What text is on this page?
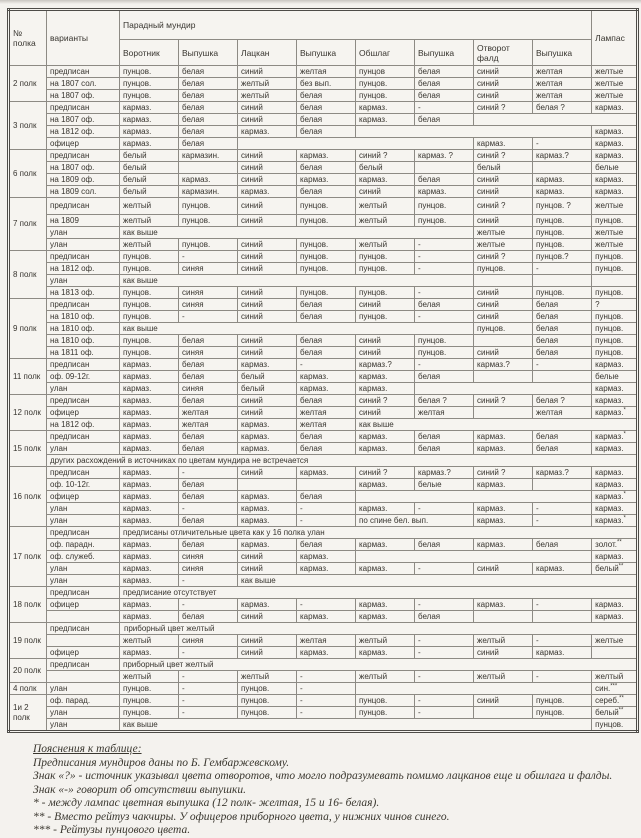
№ полка	варианты	Парадный мундир								Лампас
		Воротник	Выпушка	Лацкан	Выпушка	Обшлаг	Выпушка	Отворот фалд	Выпушка	
2 полк	предписан	пунцов.	белая	синий	желтая	пунцов	белая	синий	желтая	желтые
	на 1807 сол.	пунцов.	белая	желтый	без вып.	пунцов.	белая	синий	желтая	желтые
	на 1807 оф.	пунцов.	белая	желтый	белая	пунцов.	белая	синий	желтая	желтые
3 полк	предписан	кармаз.	белая	синий	белая	кармаз.	-	синий ?	белая ?	кармаз.
	на 1807 оф.	кармаз.	белая	синий	белая	кармаз.	белая			
	на 1812 оф.	кармаз.	белая	кармаз.	белая					кармаз.
	офицер	кармаз.	белая					кармаз.	-	кармаз.
6 полк	предписан	белый	кармазин.	синий	кармаз.	синий ?	кармаз. ?	синий ?	кармаз.?	кармаз.
	на 1807 оф.	белый		синий	белая	белый		белый		белые
	на 1809 оф.	белый	кармаз.	синий	кармаз.	кармаз.	белая	синий	кармаз.	кармаз.
	на 1809 сол.	белый	кармазин.	кармаз.	белая	синий	кармаз.	синий	кармаз.	кармаз.
7 полк	предписан	желтый	пунцов.	синий	пунцов.	желтый	пунцов.	синий ?	пунцов. ?	желтые
	на 1809	желтый	пунцов.	синий	пунцов.	желтый	пунцов.	синий	пунцов.	пунцов.
	улан	как выше						желтые	пунцов.	желтые
	улан	желтый	пунцов.	синий	пунцов.	желтый	-	желтые	пунцов.	желтые
8 полк	предписан	пунцов.	-	синий	пунцов.	пунцов.	-	синий ?	пунцов.?	пунцов.
	на 1812 оф.	пунцов.	синяя	синий	пунцов.	пунцов.	-	пунцов.	-	пунцов.
	улан	как выше								
	на 1813 оф.	пунцов.	синяя	синий	пунцов.	пунцов.	-	синий	пунцов.	пунцов.
9 полк	предписан	пунцов.	синяя	синий	белая	синий	белая	синий	белая	?
	на 1810 оф.	пунцов.	-	синий	белая	пунцов.	-	синий	белая	пунцов.
	на 1810 оф.	как выше						пунцов.	белая	пунцов.
	на 1810 оф.	пунцов.	белая	синий	белая	синий	пунцов.		белая	пунцов.
	на 1811 оф.	пунцов.	синяя	синий	белая	синий	пунцов.	синий	белая	пунцов.
11 полк	предписан	кармаз.	белая	кармаз.	-	кармаз.?	-	кармаз.?	-	кармаз.
	оф. 09-12г.	кармаз.	белая	белый	кармаз.	кармаз.	белая			белые
	улан	кармаз.	синяя	белый	кармаз.	кармаз.				кармаз.
12 полк	предписан	кармаз.	белая	синий	белая	синий ?	белая ?	синий ?	белая ?	кармаз.
	офицер	кармаз.	желтая	синий	желтая	синий	желтая		желтая	кармаз.*
	на 1812 оф.	кармаз.	желтая	кармаз.	желтая	как выше				
15 полк	предписан	кармаз.	белая	кармаз.	белая	кармаз.	белая	кармаз.	белая	кармаз.*
	улан	кармаз.	белая	кармаз.	белая	кармаз.	белая	кармаз.	белая	кармаз.
	других расхождений в источниках по цветам мундира не встречается									
16 полк	предписан	кармаз.	-	синий	кармаз.	синий ?	кармаз.?	синий ?	кармаз.?	кармаз.
	оф. 10-12г.	кармаз.	белая			кармаз.	белые	кармаз.		кармаз.
	офицер	кармаз.	белая	кармаз.	белая					кармаз.*
	улан	кармаз.	-	кармаз.	-	кармаз.	-	кармаз.	-	кармаз.
	улан	кармаз.	белая	кармаз.	-	по спине бел. вып.		кармаз.	-	кармаз.*
17 полк	предписан	предписаны отличительные цвета как у 16 полка улан								
	оф. парадн.	кармаз.	белая	кармаз.	белая	кармаз.	белая	кармаз.	белая	золот.**
	оф. служеб.	кармаз.	синяя	синий	кармаз.					кармаз.
	улан	кармаз.	синяя	синий	кармаз.	кармаз.	-	синий	кармаз.	белый**
	улан	кармаз.	-	как выше						
18 полк	предписан	предписание отсутствует								
	офицер	кармаз.	-	кармаз.	-	кармаз.	-	кармаз.	-	кармаз.
		кармаз.	белая	синий	кармаз.	кармаз.	белая			кармаз.
19 полк	предписан	приборный цвет желтый								
		желтый	синяя	синий	желтая	желтый	-	желтый	-	желтые
	офицер	кармаз.	-	синий	кармаз.	кармаз.	-	синий	кармаз.	
20 полк	предписан	приборный цвет желтый								
		желтый	-	желтый	-	желтый	-	желтый	-	желтый
4 полк	улан	пунцов.	-	пунцов.	-					син.***
1и 2 полк	оф. парад.	пунцов.	-	пунцов.	-	пунцов.	-	синий	пунцов.	сереб.**
	улан	пунцов.	-	пунцов.	-	пунцов.	-		пунцов.	белый**
	улан	как выше								пунцов.
Пояснения к таблице:
Предписания мундиров даны по Б. Гембаржевскому.
Знак «?» - источник указывал цвета отворотов, что могло подразумевать помимо лацканов еще и обшлага и фалды.
Знак «-» говорит об отсутствии выпушки.
* - между лампас цветная выпушка (12 полк- желтая, 15 и 16- белая).
** - Вместо рейтуз чакчиры. У офицеров приборного цвета, у нижних чинов синего.
*** - Рейтузы пунцового цвета.
